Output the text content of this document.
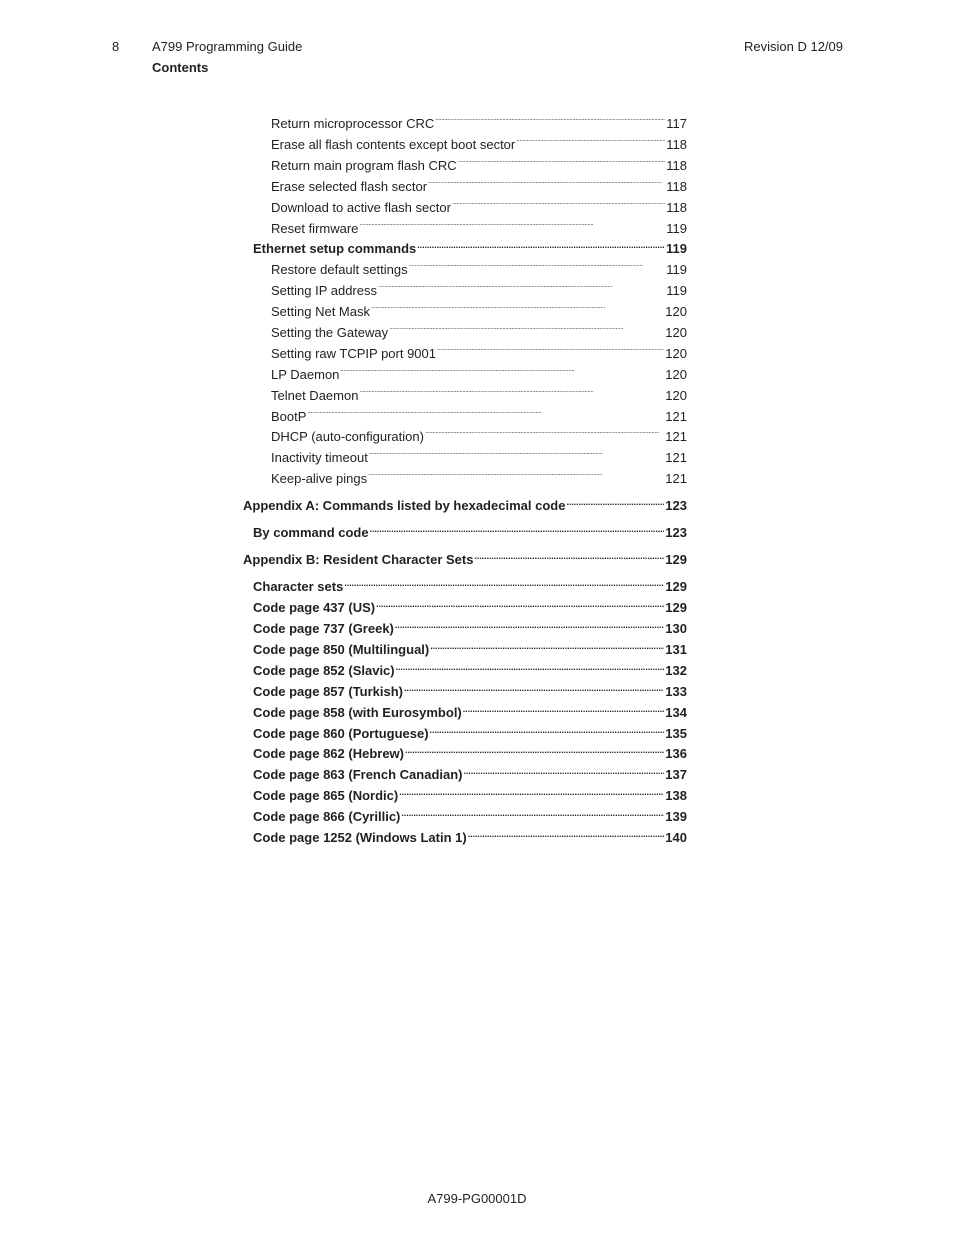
8	A799 Programming Guide
Contents
Revision D 12/09
Return microprocessor CRC . . .	117
Erase all flash contents except boot sector . . .	118
Return main program flash CRC . . .	118
Erase selected flash sector . . .	118
Download to active flash sector . . .	118
Reset firmware . . .	119
Ethernet setup commands . . .	119
Restore default settings . . .	119
Setting IP address . . .	119
Setting Net Mask . . .	120
Setting the Gateway . . .	120
Setting raw TCPIP port 9001 . . .	120
LP Daemon . . .	120
Telnet Daemon . . .	120
BootP . . .	121
DHCP (auto-configuration) . . .	121
Inactivity timeout . . .	121
Keep-alive pings . . .	121
Appendix A: Commands listed by hexadecimal code . . .	123
By command code . . .	123
Appendix B: Resident Character Sets . . .	129
Character sets . . .	129
Code page 437 (US) . . .	129
Code page 737 (Greek) . . .	130
Code page 850 (Multilingual) . . .	131
Code page 852 (Slavic) . . .	132
Code page 857 (Turkish) . . .	133
Code page 858 (with Eurosymbol) . . .	134
Code page 860 (Portuguese) . . .	135
Code page 862 (Hebrew) . . .	136
Code page 863 (French Canadian) . . .	137
Code page 865 (Nordic) . . .	138
Code page 866 (Cyrillic) . . .	139
Code page 1252 (Windows Latin 1) . . .	140
A799-PG00001D
